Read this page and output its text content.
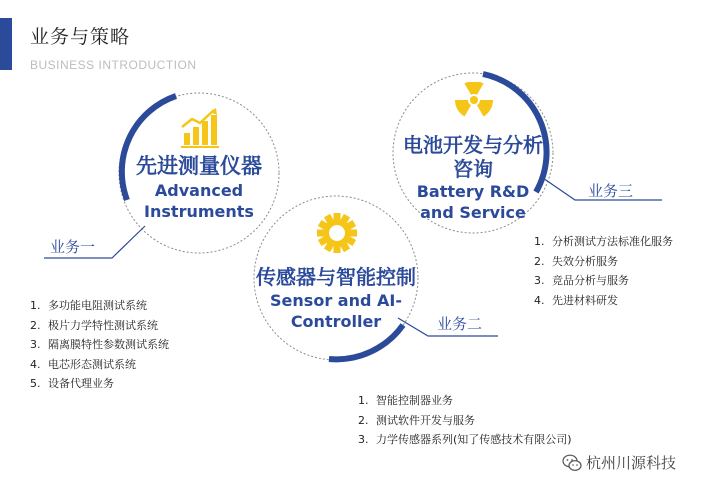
业务与策略
BUSINESS INTRODUCTION
先进测量仪器
Advanced
Instruments
业务一
传感器与智能控制
Sensor and AI-
Controller	业务二
电池开发与分析
咨询
Battery R&D
and Service
业务三
1. 多功能电阻测试系统
2. 极片力学特性测试系统
3. 隔离膜特性参数测试系统
4. 电芯形态测试系统
5. 设备代理业务
1. 智能控制器业务
2. 测试软件开发与服务
3. 力学传感器系列(知了传感技术有限公司)
1. 分析测试方法标准化服务
2. 失效分析服务
3. 竞品分析与服务
4. 先进材料研发
杭州川源科技
